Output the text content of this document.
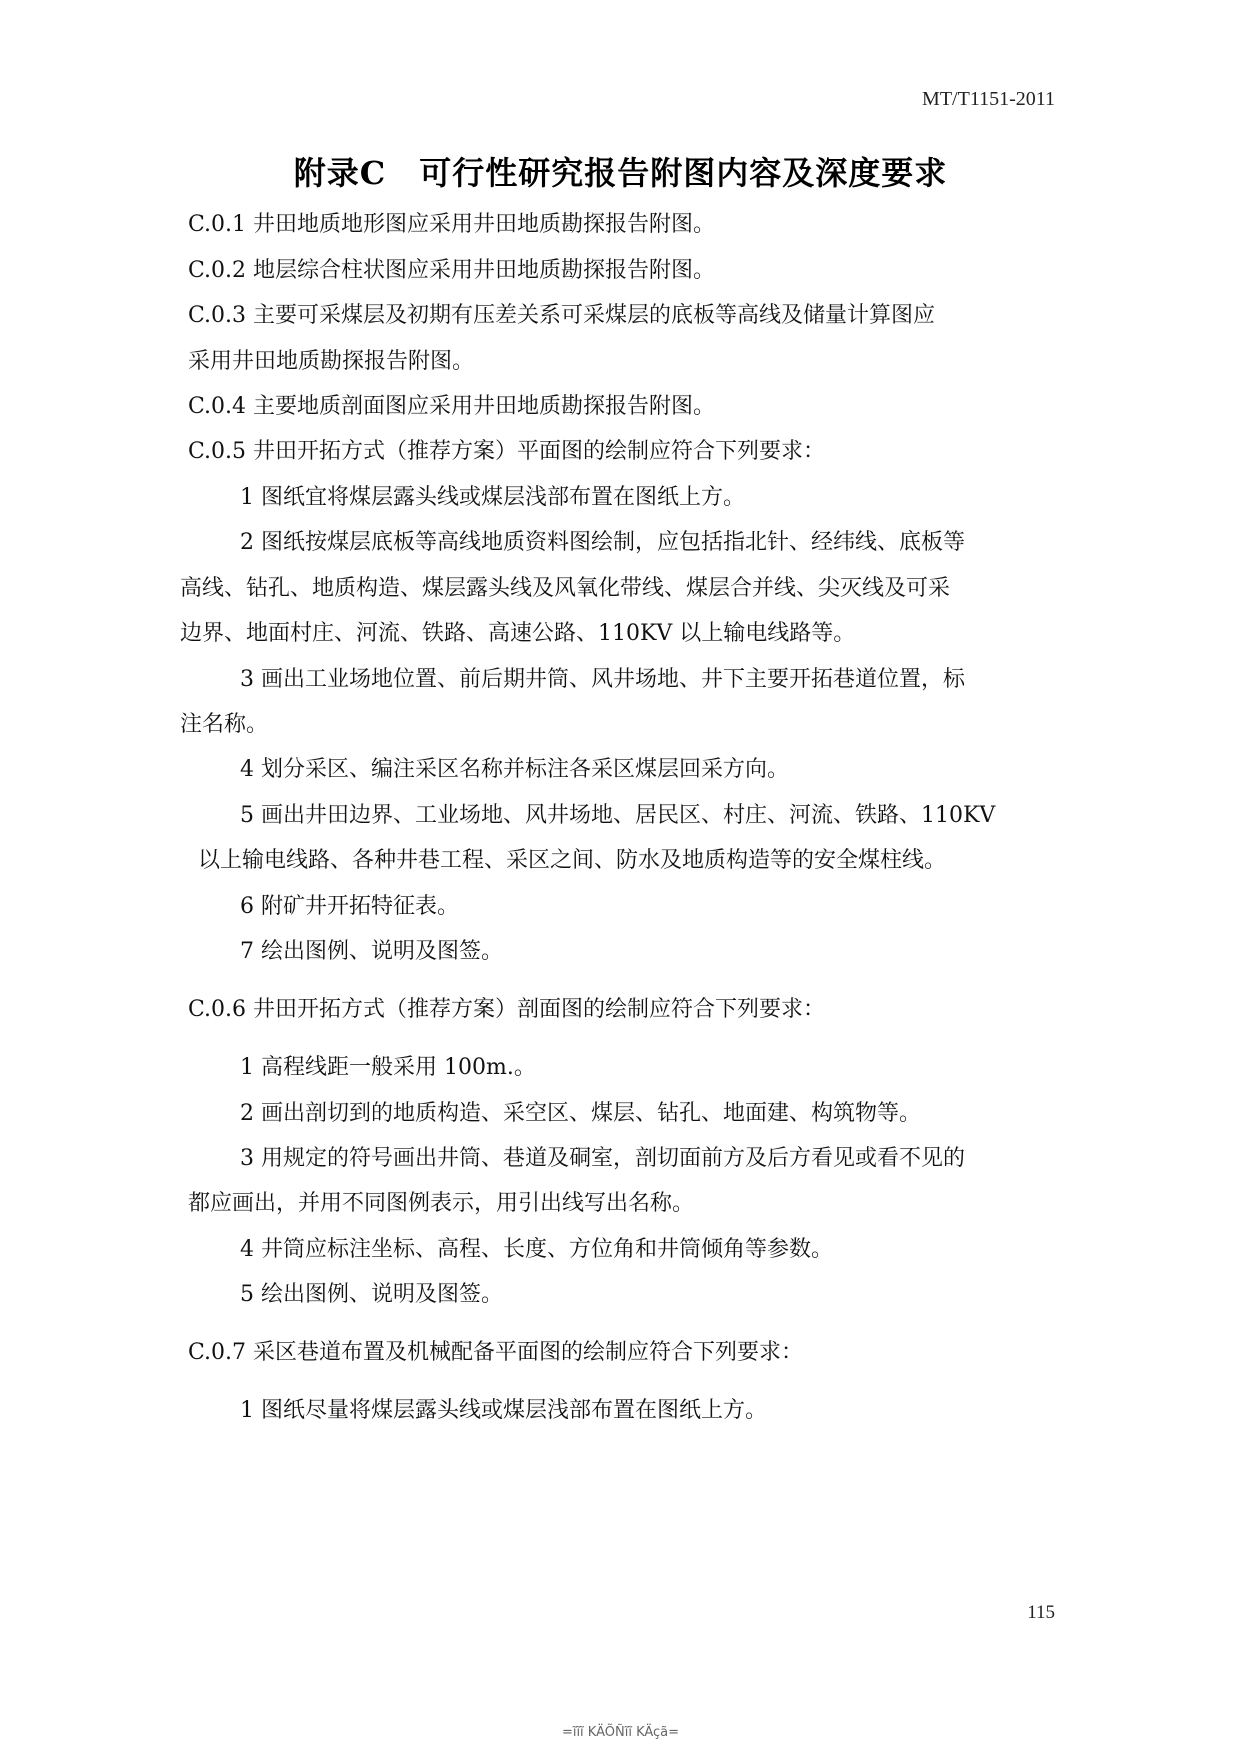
MT/T1151-2011
附录C　可行性研究报告附图内容及深度要求
C.0.1 井田地质地形图应采用井田地质勘探报告附图。
C.0.2 地层综合柱状图应采用井田地质勘探报告附图。
C.0.3 主要可采煤层及初期有压差关系可采煤层的底板等高线及储量计算图应
采用井田地质勘探报告附图。
C.0.4 主要地质剖面图应采用井田地质勘探报告附图。
C.0.5 井田开拓方式（推荐方案）平面图的绘制应符合下列要求：
1 图纸宜将煤层露头线或煤层浅部布置在图纸上方。
2 图纸按煤层底板等高线地质资料图绘制，应包括指北针、经纬线、底板等
高线、钻孔、地质构造、煤层露头线及风氧化带线、煤层合并线、尖灭线及可采
边界、地面村庄、河流、铁路、高速公路、110KV 以上输电线路等。
3 画出工业场地位置、前后期井筒、风井场地、井下主要开拓巷道位置，标
注名称。
4 划分采区、编注采区名称并标注各采区煤层回采方向。
5 画出井田边界、工业场地、风井场地、居民区、村庄、河流、铁路、110KV
以上输电线路、各种井巷工程、采区之间、防水及地质构造等的安全煤柱线。
6 附矿井开拓特征表。
7 绘出图例、说明及图签。
C.0.6 井田开拓方式（推荐方案）剖面图的绘制应符合下列要求：
1 高程线距一般采用 100m.。
2 画出剖切到的地质构造、采空区、煤层、钻孔、地面建、构筑物等。
3 用规定的符号画出井筒、巷道及硐室，剖切面前方及后方看见或看不见的
都应画出，并用不同图例表示，用引出线写出名称。
4 井筒应标注坐标、高程、长度、方位角和井筒倾角等参数。
5 绘出图例、说明及图签。
C.0.7 采区巷道布置及机械配备平面图的绘制应符合下列要求：
1 图纸尽量将煤层露头线或煤层浅部布置在图纸上方。
115
=ĩĩĩ KÄÕÑĩĩ KÄçã=
